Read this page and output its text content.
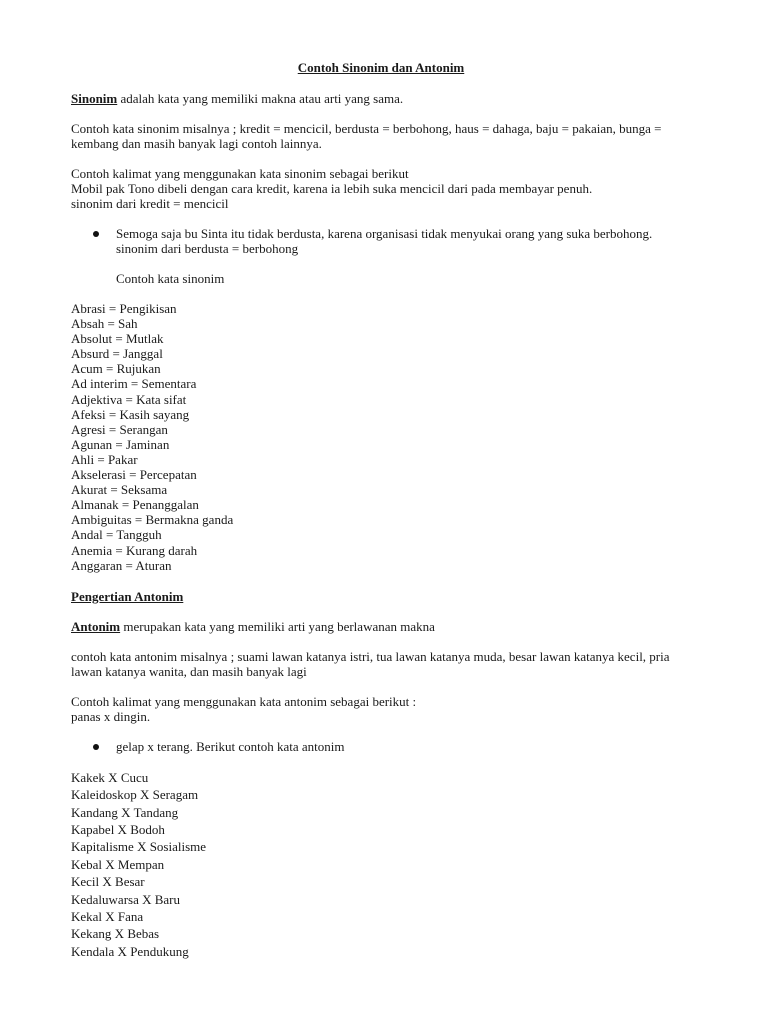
Contoh Sinonim dan Antonim

Sinonim adalah kata yang memiliki makna atau arti yang sama.

Contoh kata sinonim misalnya ; kredit = mencicil, berdusta = berbohong, haus = dahaga, baju = pakaian, bunga = kembang dan masih banyak lagi contoh lainnya.

Contoh kalimat yang menggunakan kata sinonim sebagai berikut
Mobil pak Tono dibeli dengan cara kredit, karena ia lebih suka mencicil dari pada membayar penuh.
sinonim dari kredit = mencicil

Semoga saja bu Sinta itu tidak berdusta, karena organisasi tidak menyukai orang yang suka berbohong. sinonim dari berdusta = berbohong
Contoh kata sinonim
Abrasi = Pengikisan
Absah = Sah
Absolut = Mutlak
Absurd = Janggal
Acum = Rujukan
Ad interim = Sementara
Adjektiva = Kata sifat
Afeksi = Kasih sayang
Agresi = Serangan
Agunan = Jaminan
Ahli = Pakar
Akselerasi = Percepatan
Akurat = Seksama
Almanak = Penanggalan
Ambiguitas = Bermakna ganda
Andal = Tangguh
Anemia = Kurang darah
Anggaran = Aturan

Pengertian Antonim

Antonim merupakan kata yang memiliki arti yang berlawanan makna

contoh kata antonim misalnya ; suami lawan katanya istri, tua lawan katanya muda, besar lawan katanya kecil, pria lawan katanya wanita, dan masih banyak lagi

Contoh kalimat yang menggunakan kata antonim sebagai berikut :
panas x dingin.

gelap x terang. Berikut contoh kata antonim
Kakek X Cucu
Kaleidoskop X Seragam
Kandang X Tandang
Kapabel X Bodoh
Kapitalisme X Sosialisme
Kebal X Mempan
Kecil X Besar
Kedaluwarsa X Baru
Kekal X Fana
Kekang X Bebas
Kendala X Pendukung
